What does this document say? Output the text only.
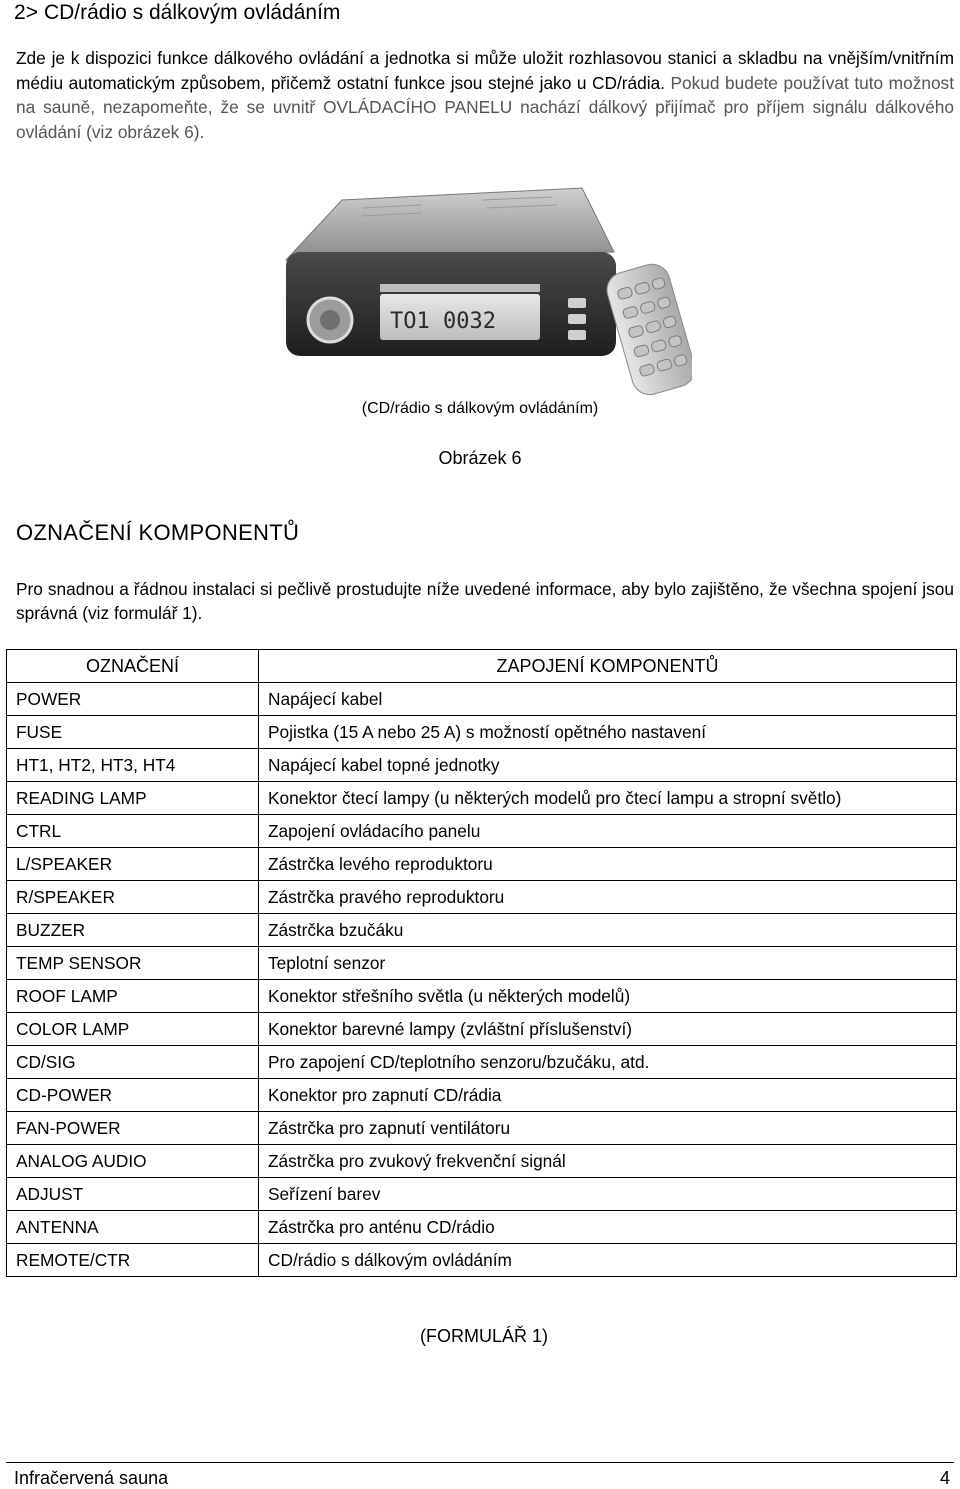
2> CD/rádio s dálkovým ovládáním
Zde je k dispozici funkce dálkového ovládání a jednotka si může uložit rozhlasovou stanici a skladbu na vnějším/vnitřním médiu automatickým způsobem, přičemž ostatní funkce jsou stejné jako u CD/rádia. Pokud budete používat tuto možnost na sauně, nezapomeňte, že se uvnitř OVLÁDACÍHO PANELU nachází dálkový přijímač pro příjem signálu dálkového ovládání (viz obrázek 6).
TO1 0032
(CD/rádio s dálkovým ovládáním)
Obrázek 6
OZNAČENÍ KOMPONENTŮ
Pro snadnou a řádnou instalaci si pečlivě prostudujte níže uvedené informace, aby bylo zajištěno, že všechna spojení jsou správná (viz formulář 1).
OZNAČENÍ	ZAPOJENÍ KOMPONENTŮ
POWER	Napájecí kabel
FUSE	Pojistka (15 A nebo 25 A) s možností opětného nastavení
HT1, HT2, HT3, HT4	Napájecí kabel topné jednotky
READING LAMP	Konektor čtecí lampy (u některých modelů pro čtecí lampu a stropní světlo)
CTRL	Zapojení ovládacího panelu
L/SPEAKER	Zástrčka levého reproduktoru
R/SPEAKER	Zástrčka pravého reproduktoru
BUZZER	Zástrčka bzučáku
TEMP SENSOR	Teplotní senzor
ROOF LAMP	Konektor střešního světla (u některých modelů)
COLOR LAMP	Konektor barevné lampy (zvláštní příslušenství)
CD/SIG	Pro zapojení CD/teplotního senzoru/bzučáku, atd.
CD-POWER	Konektor pro zapnutí CD/rádia
FAN-POWER	Zástrčka pro zapnutí ventilátoru
ANALOG AUDIO	Zástrčka pro zvukový frekvenční signál
ADJUST	Seřízení barev
ANTENNA	Zástrčka pro anténu CD/rádio
REMOTE/CTR	CD/rádio s dálkovým ovládáním
(FORMULÁŘ 1)
Infračervená sauna	4
